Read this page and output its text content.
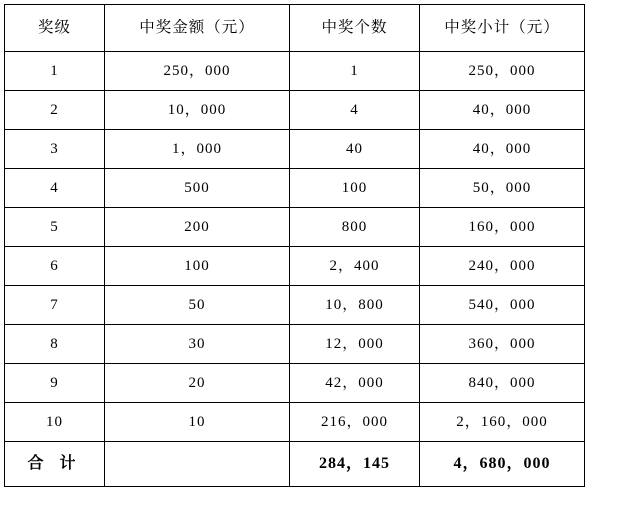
奖级	中奖金额（元）	中奖个数	中奖小计（元）
1	250，000	1	250，000
2	10，000	4	40，000
3	1，000	40	40，000
4	500	100	50，000
5	200	800	160，000
6	100	2，400	240，000
7	50	10，800	540，000
8	30	12，000	360，000
9	20	42，000	840，000
10	10	216，000	2，160，000
合 计		284，145	4，680，000
